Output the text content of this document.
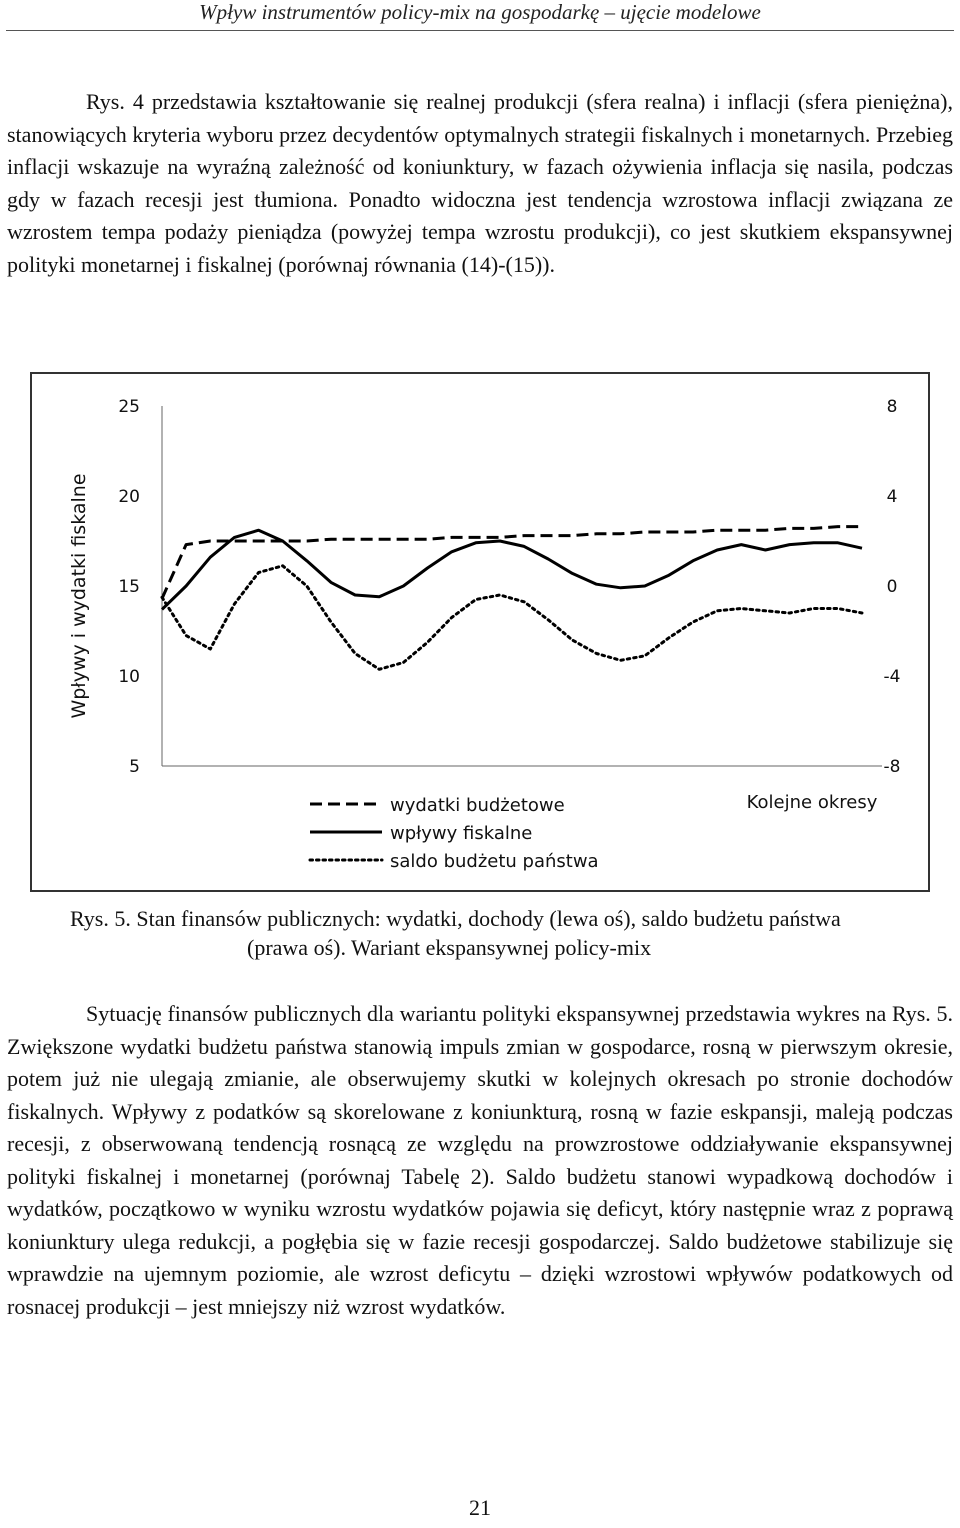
Wpływ instrumentów policy-mix na gospodarkę – ujęcie modelowe

Rys. 4 przedstawia kształtowanie się realnej produkcji (sfera realna) i inflacji (sfera pieniężna), stanowiących kryteria wyboru przez decydentów optymalnych strategii fiskalnych i monetarnych. Przebieg inflacji wskazuje na wyraźną zależność od koniunktury, w fazach ożywienia inflacja się nasila, podczas gdy w fazach recesji jest tłumiona. Ponadto widoczna jest tendencja wzrostowa inflacji związana ze wzrostem tempa podaży pieniądza (powyżej tempa wzrostu produkcji), co jest skutkiem ekspansywnej polityki monetarnej i fiskalnej (porównaj równania (14)-(15)).

25
20
15
10
5
8
4
0
-4
-8
Wpływy i wydatki fiskalne
Kolejne okresy
wydatki budżetowe
wpływy fiskalne
saldo budżetu państwa
Rys. 5. Stan finansów publicznych: wydatki, dochody (lewa oś), saldo budżetu państwa
(prawa oś). Wariant ekspansywnej policy-mix

Sytuację finansów publicznych dla wariantu polityki ekspansywnej przedstawia wykres na Rys. 5. Zwiększone wydatki budżetu państwa stanowią impuls zmian w gospodarce, rosną w pierwszym okresie, potem już nie ulegają zmianie, ale obserwujemy skutki w kolejnych okresach po stronie dochodów fiskalnych. Wpływy z podatków są skorelowane z koniunkturą, rosną w fazie eskpansji, maleją podczas recesji, z obserwowaną tendencją rosnącą ze względu na prowzrostowe oddziaływanie ekspansywnej polityki fiskalnej i monetarnej (porównaj Tabelę 2). Saldo budżetu stanowi wypadkową dochodów i wydatków, początkowo w wyniku wzrostu wydatków pojawia się deficyt, który następnie wraz z poprawą koniunktury ulega redukcji, a pogłębia się w fazie recesji gospodarczej. Saldo budżetowe stabilizuje się wprawdzie na ujemnym poziomie, ale wzrost deficytu – dzięki wzrostowi wpływów podatkowych od rosnacej produkcji – jest mniejszy niż wzrost wydatków.

21
